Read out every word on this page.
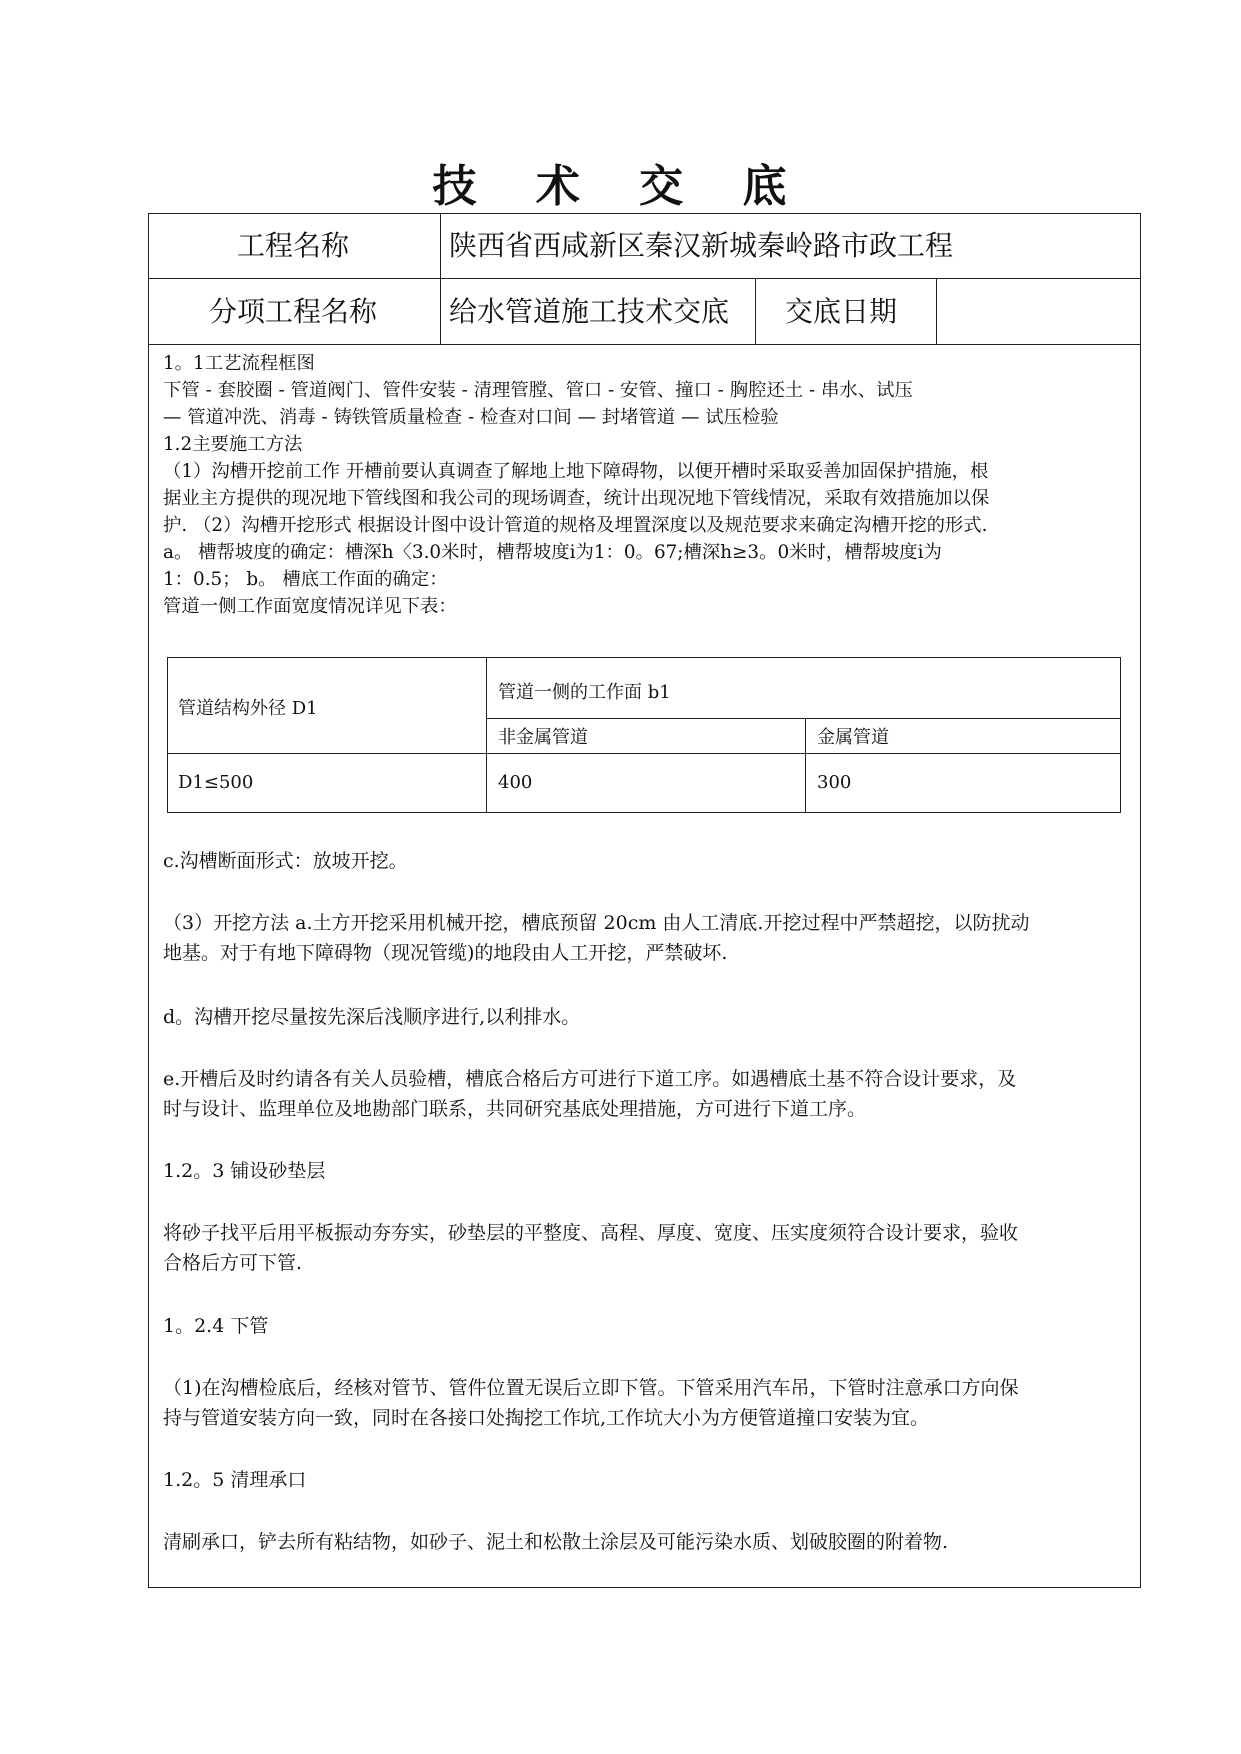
技 术 交 底
工程名称	陕西省西咸新区秦汉新城秦岭路市政工程
分项工程名称	给水管道施工技术交底 交底日期

1。1工艺流程框图

下管 - 套胶圈 - 管道阀门、管件安装 - 清理管膛、管口 - 安管、撞口 - 胸腔还土 - 串水、试压

— 管道冲洗、消毒 - 铸铁管质量检查 - 检查对口间 — 封堵管道 — 试压检验

1.2主要施工方法

（1）沟槽开挖前工作 开槽前要认真调查了解地上地下障碍物，以便开槽时采取妥善加固保护措施，根

据业主方提供的现况地下管线图和我公司的现场调查，统计出现况地下管线情况，采取有效措施加以保

护. （2）沟槽开挖形式 根据设计图中设计管道的规格及埋置深度以及规范要求来确定沟槽开挖的形式.

a。 槽帮坡度的确定：槽深h〈3.0米时，槽帮坡度i为1：0。67;槽深h≥3。0米时，槽帮坡度i为

1：0.5； b。 槽底工作面的确定：

管道一侧工作面宽度情况详见下表：

管道结构外径 D1
管道一侧的工作面 b1
非金属管道	金属管道
D1≤500	400	300
c.沟槽断面形式：放坡开挖。
（3）开挖方法 a.土方开挖采用机械开挖，槽底预留 20cm 由人工清底.开挖过程中严禁超挖，以防扰动
地基。对于有地下障碍物（现况管缆)的地段由人工开挖，严禁破坏.
d。沟槽开挖尽量按先深后浅顺序进行,以利排水。
e.开槽后及时约请各有关人员验槽，槽底合格后方可进行下道工序。如遇槽底土基不符合设计要求，及
时与设计、监理单位及地勘部门联系，共同研究基底处理措施，方可进行下道工序。
1.2。3 铺设砂垫层
将砂子找平后用平板振动夯夯实，砂垫层的平整度、高程、厚度、宽度、压实度须符合设计要求，验收
合格后方可下管.
1。2.4 下管
（1)在沟槽检底后，经核对管节、管件位置无误后立即下管。下管采用汽车吊，下管时注意承口方向保
持与管道安装方向一致，同时在各接口处掏挖工作坑,工作坑大小为方便管道撞口安装为宜。
1.2。5 清理承口
清刷承口，铲去所有粘结物，如砂子、泥土和松散土涂层及可能污染水质、划破胶圈的附着物.
